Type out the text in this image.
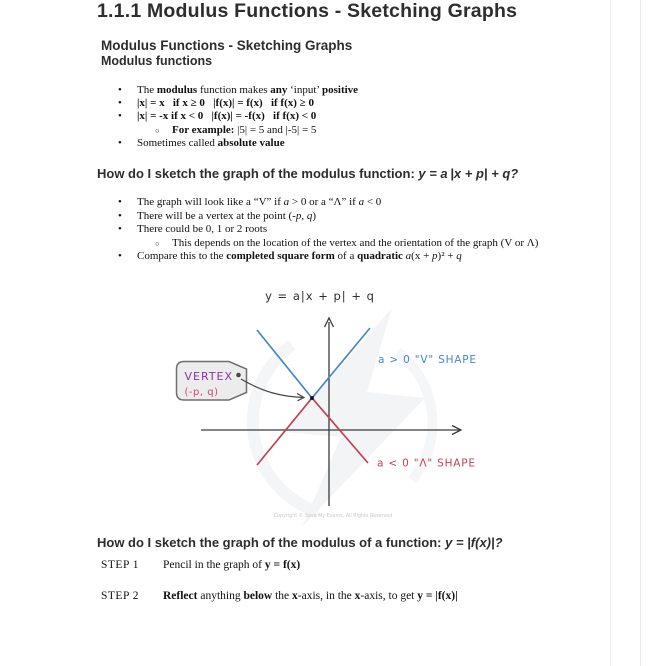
1.1.1 Modulus Functions - Sketching Graphs
Modulus Functions - Sketching Graphs
Modulus functions
•	The modulus function makes any ‘input’ positive
•	|x| = x   if x ≥ 0   |f(x)| = f(x)   if f(x) ≥ 0
•	|x| = -x if x < 0   |f(x)| = -f(x)   if f(x) < 0
○	For example: |5| = 5 and |-5| = 5
•	Sometimes called absolute value
How do I sketch the graph of the modulus function: y = a |x + p| + q?
•	The graph will look like a “V” if a > 0 or a “Λ” if a < 0
•	There will be a vertex at the point (-p, q)
•	There could be 0, 1 or 2 roots
○	This depends on the location of the vertex and the orientation of the graph (V or Λ)
•	Compare this to the completed square form of a quadratic a(x + p)² + q
y = a|x + p| + q
VERTEX
(-p, q)
a > 0 "V" SHAPE
a < 0 "Λ" SHAPE
Copyright © Save My Exams. All Rights Reserved
How do I sketch the graph of the modulus of a function: y = |f(x)|?
STEP 1	Pencil in the graph of y = f(x)
STEP 2	Reflect anything below the x-axis, in the x-axis, to get y = |f(x)|
